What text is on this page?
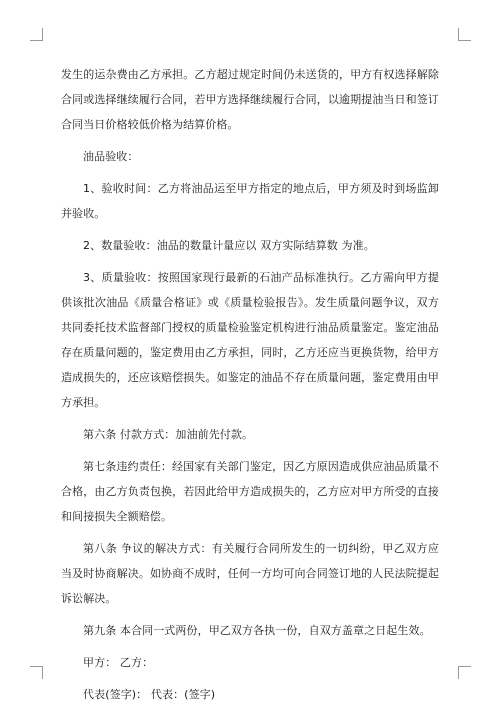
发生的运杂费由乙方承担。乙方超过规定时间仍未送货的，甲方有权选择解除合同或选择继续履行合同，若甲方选择继续履行合同，以逾期提油当日和签订合同当日价格较低价格为结算价格。

油品验收：

1、验收时间：乙方将油品运至甲方指定的地点后，甲方须及时到场监卸并验收。

2、数量验收：油品的数量计量应以 双方实际结算数 为准。

3、质量验收：按照国家现行最新的石油产品标准执行。乙方需向甲方提供该批次油品《质量合格证》或《质量检验报告》。发生质量问题争议，双方共同委托技术监督部门授权的质量检验鉴定机构进行油品质量鉴定。鉴定油品存在质量问题的，鉴定费用由乙方承担，同时，乙方还应当更换货物，给甲方造成损失的，还应该赔偿损失。如鉴定的油品不存在质量问题，鉴定费用由甲方承担。

第六条 付款方式：加油前先付款。

第七条违约责任：经国家有关部门鉴定，因乙方原因造成供应油品质量不合格，由乙方负责包换，若因此给甲方造成损失的，乙方应对甲方所受的直接和间接损失全额赔偿。

第八条 争议的解决方式：有关履行合同所发生的一切纠纷，甲乙双方应当及时协商解决。如协商不成时，任何一方均可向合同签订地的人民法院提起诉讼解决。

第九条 本合同一式两份，甲乙双方各执一份，自双方盖章之日起生效。

甲方： 乙方：

代表(签字)： 代表：(签字)
